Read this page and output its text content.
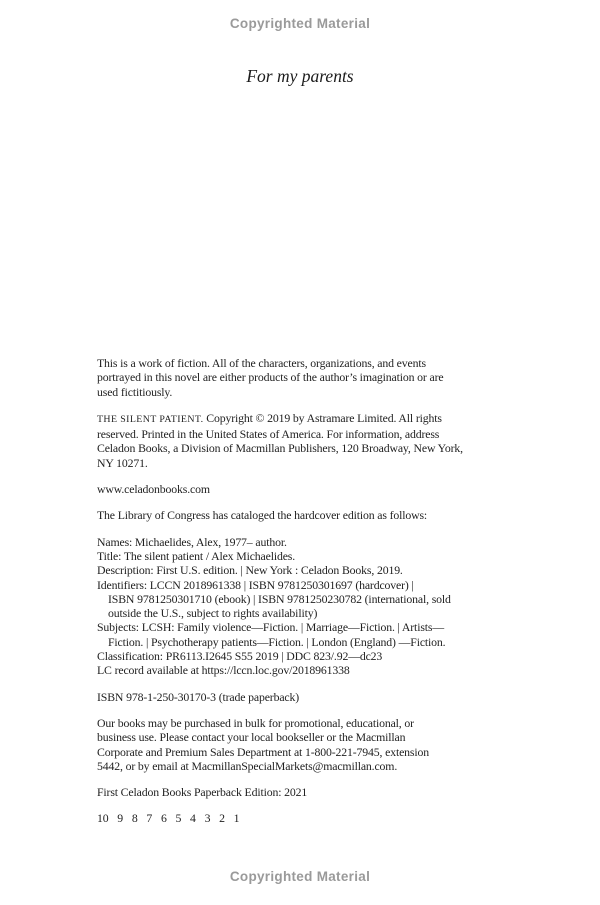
Copyrighted Material
For my parents
This is a work of fiction. All of the characters, organizations, and events
portrayed in this novel are either products of the author’s imagination or are
used fictitiously.
THE SILENT PATIENT. Copyright © 2019 by Astramare Limited. All rights
reserved. Printed in the United States of America. For information, address
Celadon Books, a Division of Macmillan Publishers, 120 Broadway, New York,
NY 10271.
www.celadonbooks.com
The Library of Congress has cataloged the hardcover edition as follows:
Names: Michaelides, Alex, 1977– author.
Title: The silent patient / Alex Michaelides.
Description: First U.S. edition. | New York : Celadon Books, 2019.
Identifiers: LCCN 2018961338 | ISBN 9781250301697 (hardcover) |
ISBN 9781250301710 (ebook) | ISBN 9781250230782 (international, sold
outside the U.S., subject to rights availability)
Subjects: LCSH: Family violence—Fiction. | Marriage—Fiction. | Artists—
Fiction. | Psychotherapy patients—Fiction. | London (England) —Fiction.
Classification: PR6113.I2645 S55 2019 | DDC 823/.92—dc23
LC record available at https://lccn.loc.gov/2018961338
ISBN 978-1-250-30170-3 (trade paperback)
Our books may be purchased in bulk for promotional, educational, or
business use. Please contact your local bookseller or the Macmillan
Corporate and Premium Sales Department at 1-800-221-7945, extension
5442, or by email at MacmillanSpecialMarkets@macmillan.com.
First Celadon Books Paperback Edition: 2021
10 9 8 7 6 5 4 3 2 1
Copyrighted Material
